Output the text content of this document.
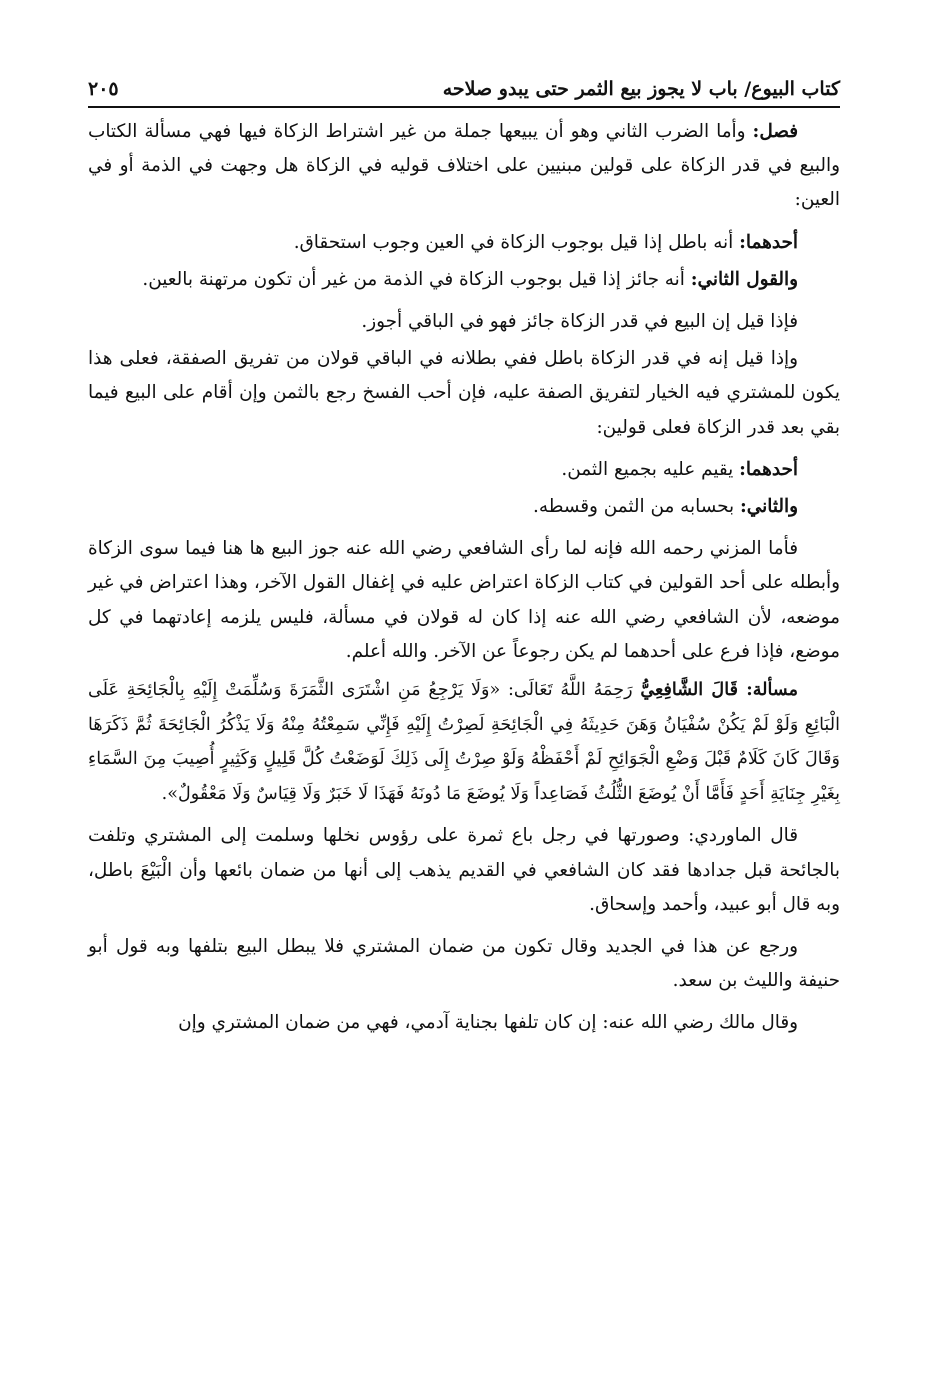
كتاب البيوع/ باب لا يجوز بيع الثمر حتى يبدو صلاحه
٢٠٥

فصل: وأما الضرب الثاني وهو أن يبيعها جملة من غير اشتراط الزكاة فيها فهي مسألة الكتاب والبيع في قدر الزكاة على قولين مبنيين على اختلاف قوليه في الزكاة هل وجهت في الذمة أو في العين:

أحدهما: أنه باطل إذا قيل بوجوب الزكاة في العين وجوب استحقاق.

والقول الثاني: أنه جائز إذا قيل بوجوب الزكاة في الذمة من غير أن تكون مرتهنة بالعين.

فإذا قيل إن البيع في قدر الزكاة جائز فهو في الباقي أجوز.

وإذا قيل إنه في قدر الزكاة باطل ففي بطلانه في الباقي قولان من تفريق الصفقة، فعلى هذا يكون للمشتري فيه الخيار لتفريق الصفة عليه، فإن أحب الفسخ رجع بالثمن وإن أقام على البيع فيما بقي بعد قدر الزكاة فعلى قولين:

أحدهما: يقيم عليه بجميع الثمن.

والثاني: بحسابه من الثمن وقسطه.

فأما المزني رحمه الله فإنه لما رأى الشافعي رضي الله عنه جوز البيع ها هنا فيما سوى الزكاة وأبطله على أحد القولين في كتاب الزكاة اعتراض عليه في إغفال القول الآخر، وهذا اعتراض في غير موضعه، لأن الشافعي رضي الله عنه إذا كان له قولان في مسألة، فليس يلزمه إعادتهما في كل موضع، فإذا فرع على أحدهما لم يكن رجوعاً عن الآخر. والله أعلم.

مسألة: قَالَ الشَّافِعِيُّ رَحِمَهُ اللَّهُ تَعَالَى: «وَلَا يَرْجِعُ مَنِ اشْتَرَى الثَّمَرَةَ وَسُلِّمَتْ إِلَيْهِ بِالْجَائِحَةِ عَلَى الْبَائِعِ وَلَوْ لَمْ يَكُنْ سُفْيَانُ وَهَنَ حَدِيثَهُ فِي الْجَائِحَةِ لَصِرْتُ إِلَيْهِ فَإِنِّي سَمِعْتُهُ مِنْهُ وَلَا يَذْكُرُ الْجَائِحَةَ ثُمَّ ذَكَرَهَا وَقَالَ كَانَ كَلَامٌ قَبْلَ وَضْعِ الْجَوَائِحِ لَمْ أَحْفَظْهُ وَلَوْ صِرْتُ إِلَى ذَلِكَ لَوَضَعْتُ كُلَّ قَلِيلٍ وَكَثِيرٍ أُصِيبَ مِنَ السَّمَاءِ بِغَيْرِ جِنَايَةِ أَحَدٍ فَأَمَّا أَنْ يُوضَعَ الثُّلُثُ فَصَاعِداً وَلَا يُوضَعَ مَا دُونَهُ فَهَذَا لَا خَبَرٌ وَلَا قِيَاسٌ وَلَا مَعْقُولٌ».

قال الماوردي: وصورتها في رجل باع ثمرة على رؤوس نخلها وسلمت إلى المشتري وتلفت بالجائحة قبل جدادها فقد كان الشافعي في القديم يذهب إلى أنها من ضمان بائعها وأن الْبَيْعَ باطل، وبه قال أبو عبيد، وأحمد وإسحاق.

ورجع عن هذا في الجديد وقال تكون من ضمان المشتري فلا يبطل البيع بتلفها وبه قول أبو حنيفة والليث بن سعد.

وقال مالك رضي الله عنه: إن كان تلفها بجناية آدمي، فهي من ضمان المشتري وإن
